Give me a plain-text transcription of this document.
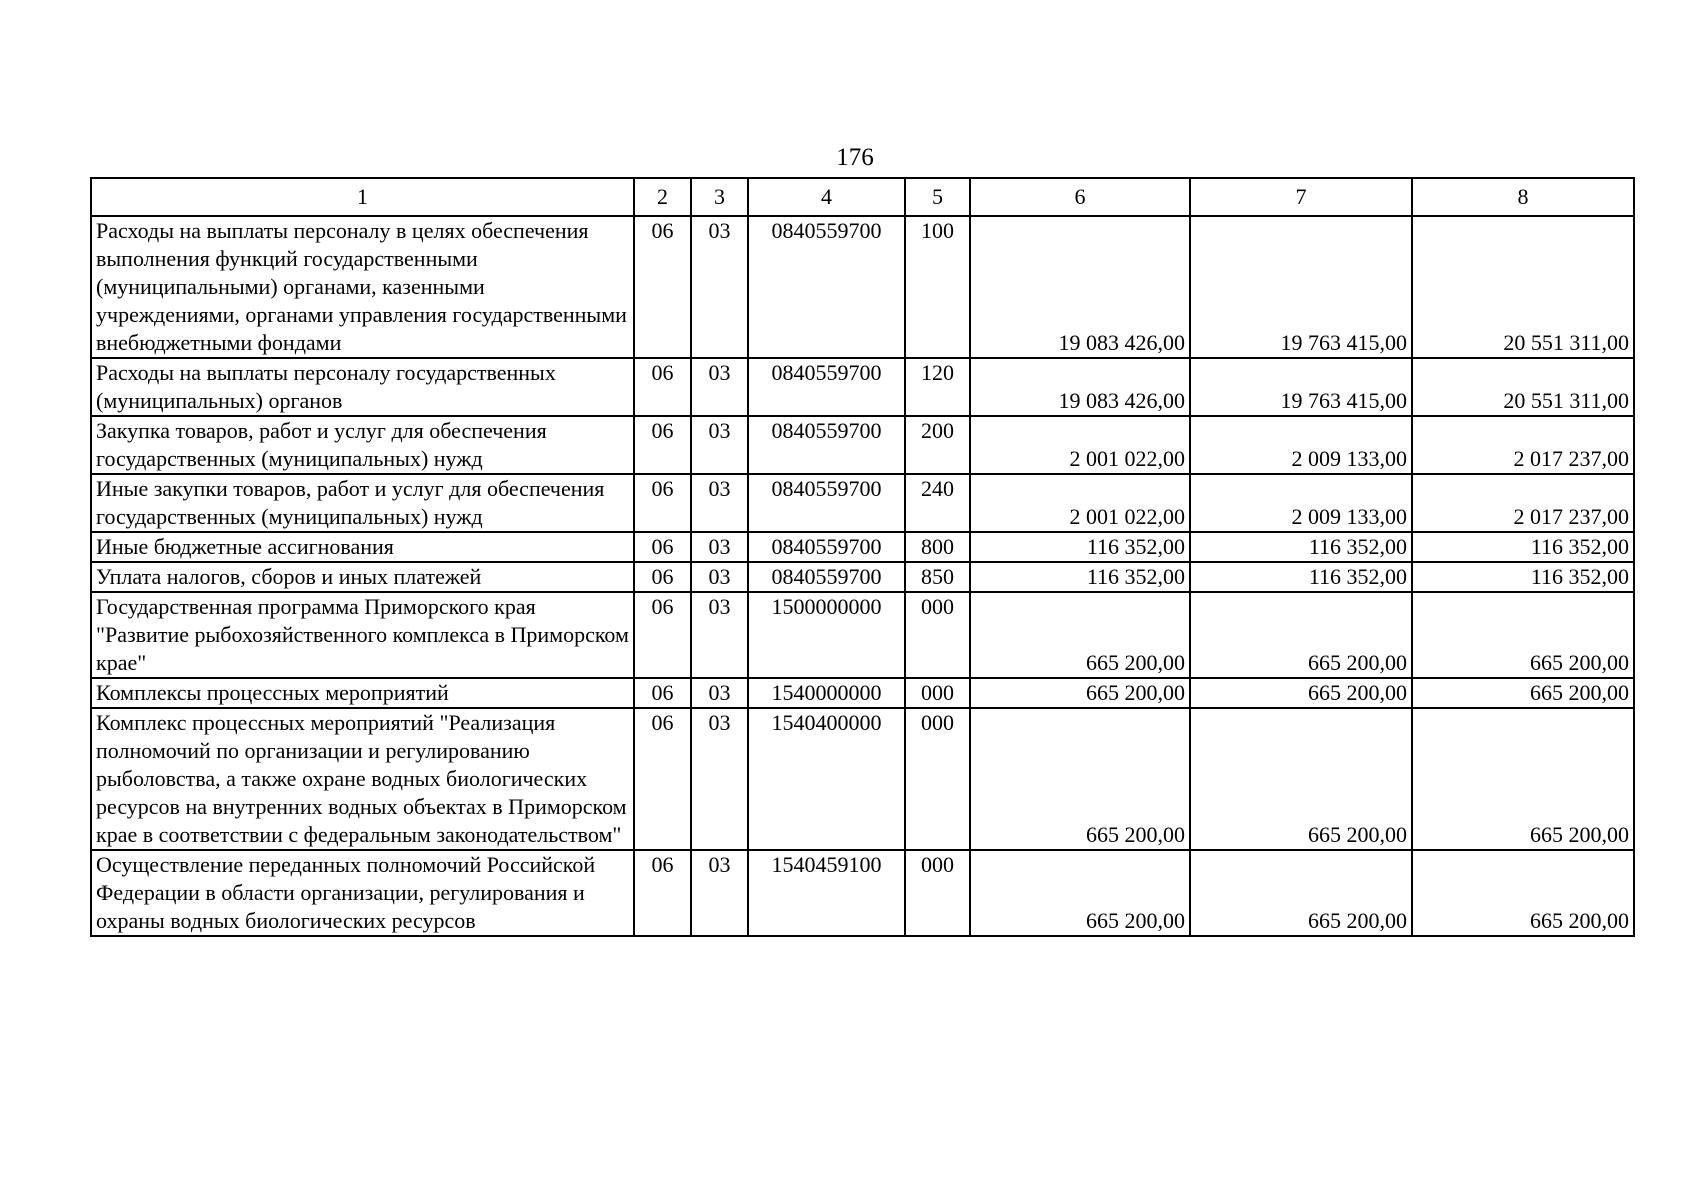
176
1	2	3	4	5	6	7	8
Расходы на выплаты персоналу в целях обеспечения выполнения функций государственными (муниципальными) органами, казенными учреждениями, органами управления государственными внебюджетными фондами	06	03	0840559700	100	19 083 426,00	19 763 415,00	20 551 311,00
Расходы на выплаты персоналу государственных (муниципальных) органов	06	03	0840559700	120	19 083 426,00	19 763 415,00	20 551 311,00
Закупка товаров, работ и услуг для обеспечения государственных (муниципальных) нужд	06	03	0840559700	200	2 001 022,00	2 009 133,00	2 017 237,00
Иные закупки товаров, работ и услуг для обеспечения государственных (муниципальных) нужд	06	03	0840559700	240	2 001 022,00	2 009 133,00	2 017 237,00
Иные бюджетные ассигнования	06	03	0840559700	800	116 352,00	116 352,00	116 352,00
Уплата налогов, сборов и иных платежей	06	03	0840559700	850	116 352,00	116 352,00	116 352,00
Государственная программа Приморского края "Развитие рыбохозяйственного комплекса в Приморском крае"	06	03	1500000000	000	665 200,00	665 200,00	665 200,00
Комплексы процессных мероприятий	06	03	1540000000	000	665 200,00	665 200,00	665 200,00
Комплекс процессных мероприятий "Реализация полномочий по организации и регулированию рыболовства, а также охране водных биологических ресурсов на внутренних водных объектах в Приморском крае в соответствии с федеральным законодательством"	06	03	1540400000	000	665 200,00	665 200,00	665 200,00
Осуществление переданных полномочий Российской Федерации в области организации, регулирования и охраны водных биологических ресурсов	06	03	1540459100	000	665 200,00	665 200,00	665 200,00
